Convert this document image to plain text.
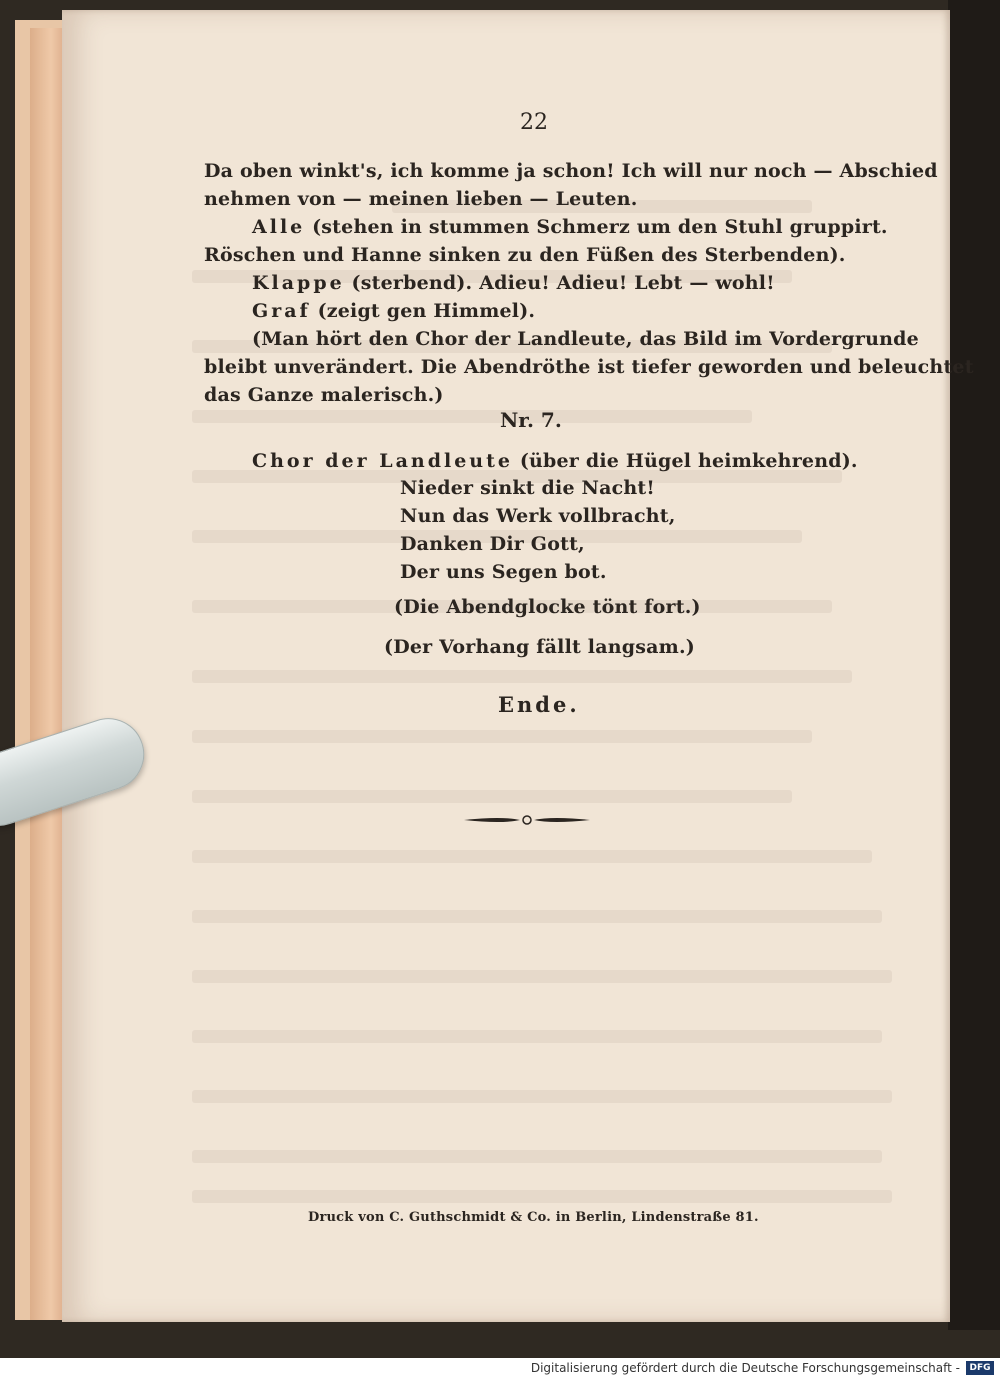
22
Da oben winkt's, ich komme ja schon! Ich will nur noch — Abschied
nehmen von — meinen lieben — Leuten.
Alle (stehen in stummen Schmerz um den Stuhl gruppirt.
Röschen und Hanne sinken zu den Füßen des Sterbenden).
Klappe (sterbend). Adieu! Adieu! Lebt — wohl!
Graf (zeigt gen Himmel).
(Man hört den Chor der Landleute, das Bild im Vordergrunde
bleibt unverändert. Die Abendröthe ist tiefer geworden und beleuchtet
das Ganze malerisch.)
Nr. 7.
Chor der Landleute (über die Hügel heimkehrend).
Nieder sinkt die Nacht!
Nun das Werk vollbracht,
Danken Dir Gott,
Der uns Segen bot.
(Die Abendglocke tönt fort.)
(Der Vorhang fällt langsam.)
Ende.
Druck von C. Guthschmidt & Co. in Berlin, Lindenstraße 81.
Digitalisierung gefördert durch die Deutsche Forschungsgemeinschaft -	DFG
